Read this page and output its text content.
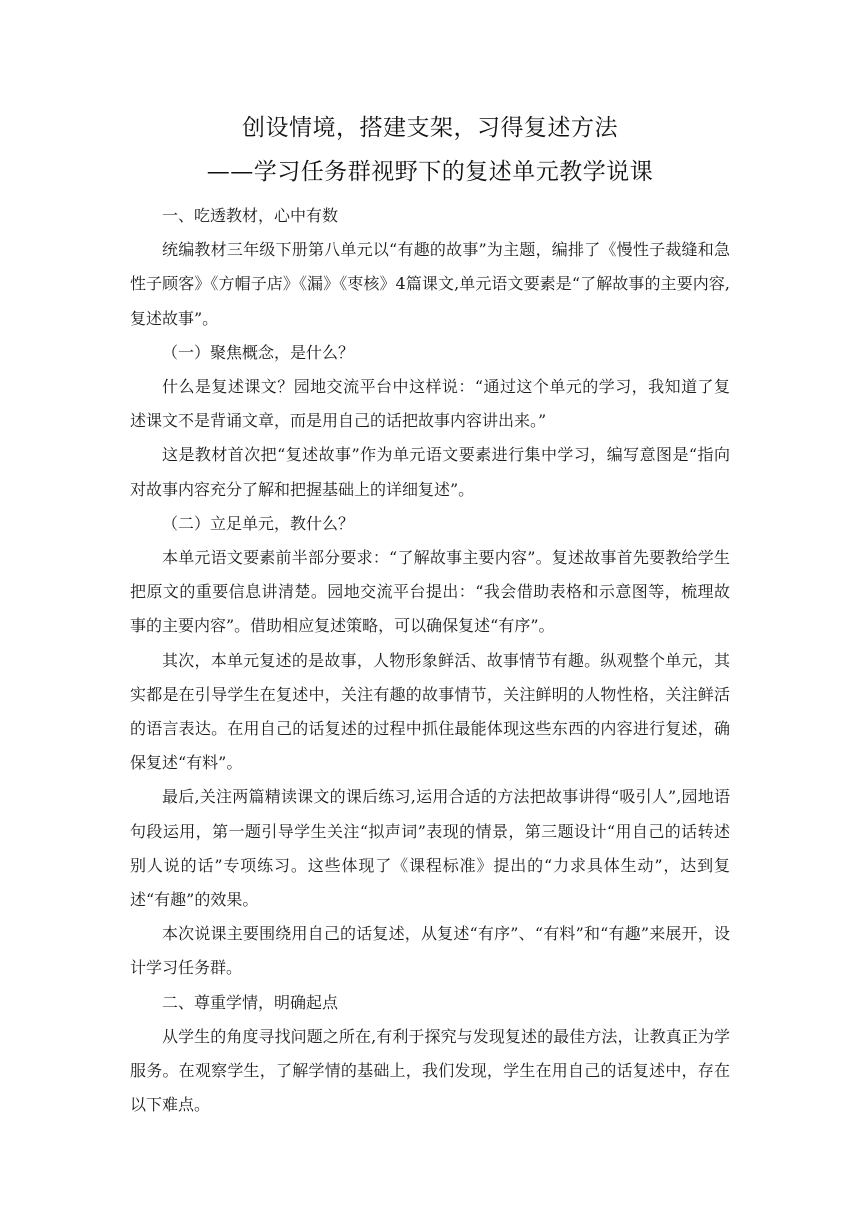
创设情境，搭建支架，习得复述方法
——学习任务群视野下的复述单元教学说课

一、吃透教材，心中有数

统编教材三年级下册第八单元以“有趣的故事”为主题，编排了《慢性子裁缝和急性子顾客》《方帽子店》《漏》《枣核》4篇课文,单元语文要素是“了解故事的主要内容,复述故事”。

（一）聚焦概念，是什么？

什么是复述课文？园地交流平台中这样说：“通过这个单元的学习，我知道了复述课文不是背诵文章，而是用自己的话把故事内容讲出来。”

这是教材首次把“复述故事”作为单元语文要素进行集中学习，编写意图是“指向对故事内容充分了解和把握基础上的详细复述”。

（二）立足单元，教什么？

本单元语文要素前半部分要求：“了解故事主要内容”。复述故事首先要教给学生把原文的重要信息讲清楚。园地交流平台提出：“我会借助表格和示意图等，梳理故事的主要内容”。借助相应复述策略，可以确保复述“有序”。

其次，本单元复述的是故事，人物形象鲜活、故事情节有趣。纵观整个单元，其实都是在引导学生在复述中，关注有趣的故事情节，关注鲜明的人物性格，关注鲜活的语言表达。在用自己的话复述的过程中抓住最能体现这些东西的内容进行复述，确保复述“有料”。

最后,关注两篇精读课文的课后练习,运用合适的方法把故事讲得“吸引人”,园地语句段运用，第一题引导学生关注“拟声词”表现的情景，第三题设计“用自己的话转述别人说的话”专项练习。这些体现了《课程标准》提出的“力求具体生动”，达到复述“有趣”的效果。

本次说课主要围绕用自己的话复述，从复述“有序”、“有料”和“有趣”来展开，设计学习任务群。

二、尊重学情，明确起点

从学生的角度寻找问题之所在,有利于探究与发现复述的最佳方法，让教真正为学服务。在观察学生，了解学情的基础上，我们发现，学生在用自己的话复述中，存在以下难点。
